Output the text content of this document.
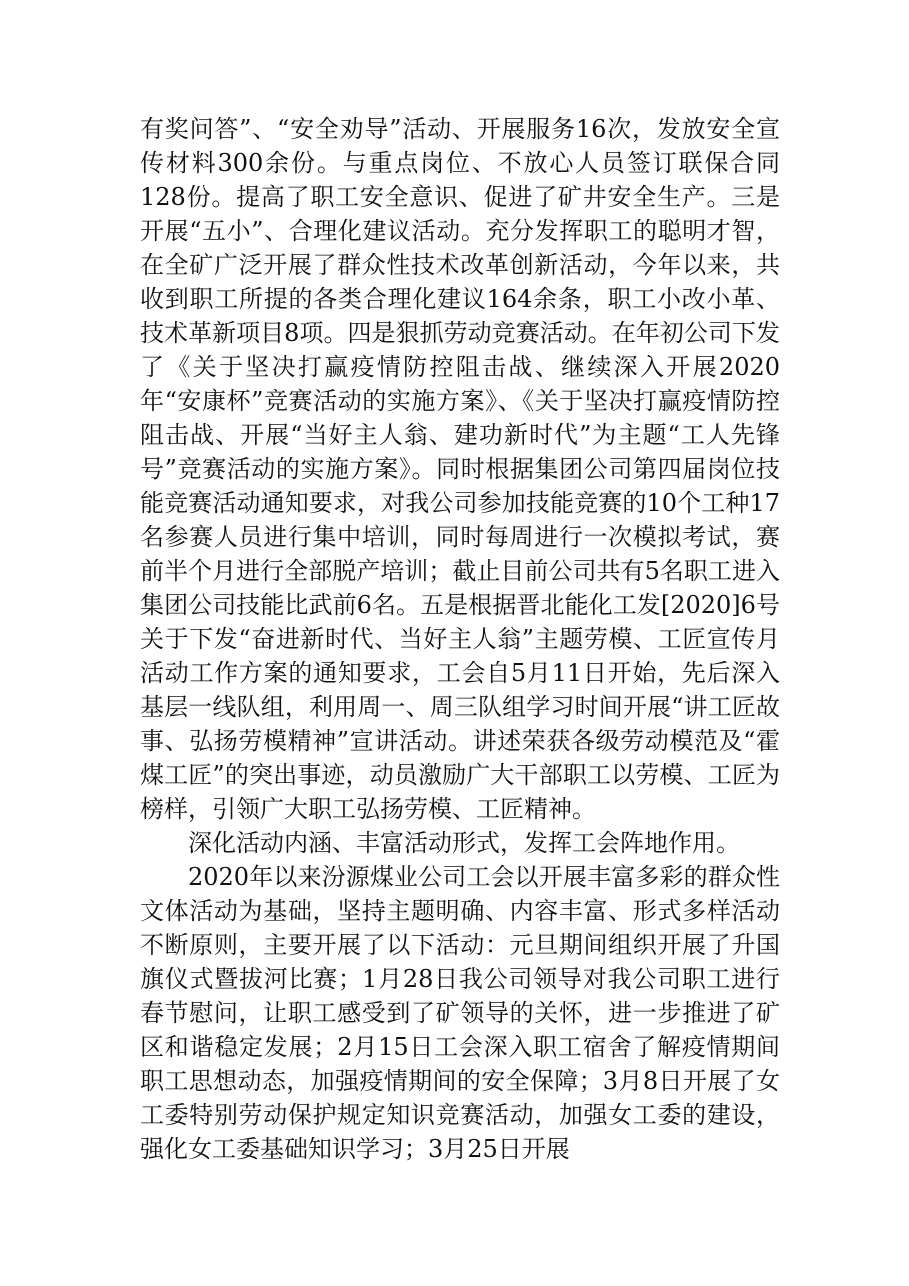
有奖问答”、“安全劝导”活动、开展服务16次，发放安全宣传材料300余份。与重点岗位、不放心人员签订联保合同128份。提高了职工安全意识、促进了矿井安全生产。三是开展“五小”、合理化建议活动。充分发挥职工的聪明才智，在全矿广泛开展了群众性技术改革创新活动，今年以来，共收到职工所提的各类合理化建议164余条，职工小改小革、技术革新项目8项。四是狠抓劳动竞赛活动。在年初公司下发了《关于坚决打赢疫情防控阻击战、继续深入开展2020年“安康杯”竞赛活动的实施方案》、《关于坚决打赢疫情防控阻击战、开展“当好主人翁、建功新时代”为主题“工人先锋号”竞赛活动的实施方案》。同时根据集团公司第四届岗位技能竞赛活动通知要求，对我公司参加技能竞赛的10个工种17名参赛人员进行集中培训，同时每周进行一次模拟考试，赛前半个月进行全部脱产培训；截止目前公司共有5名职工进入集团公司技能比武前6名。五是根据晋北能化工发[2020]6号关于下发“奋进新时代、当好主人翁”主题劳模、工匠宣传月活动工作方案的通知要求，工会自5月11日开始，先后深入基层一线队组，利用周一、周三队组学习时间开展“讲工匠故事、弘扬劳模精神”宣讲活动。讲述荣获各级劳动模范及“霍煤工匠”的突出事迹，动员激励广大干部职工以劳模、工匠为榜样，引领广大职工弘扬劳模、工匠精神。

深化活动内涵、丰富活动形式，发挥工会阵地作用。

2020年以来汾源煤业公司工会以开展丰富多彩的群众性文体活动为基础，坚持主题明确、内容丰富、形式多样活动不断原则，主要开展了以下活动：元旦期间组织开展了升国旗仪式暨拔河比赛；1月28日我公司领导对我公司职工进行春节慰问，让职工感受到了矿领导的关怀，进一步推进了矿区和谐稳定发展；2月15日工会深入职工宿舍了解疫情期间职工思想动态，加强疫情期间的安全保障；3月8日开展了女工委特别劳动保护规定知识竞赛活动，加强女工委的建设，强化女工委基础知识学习；3月25日开展
